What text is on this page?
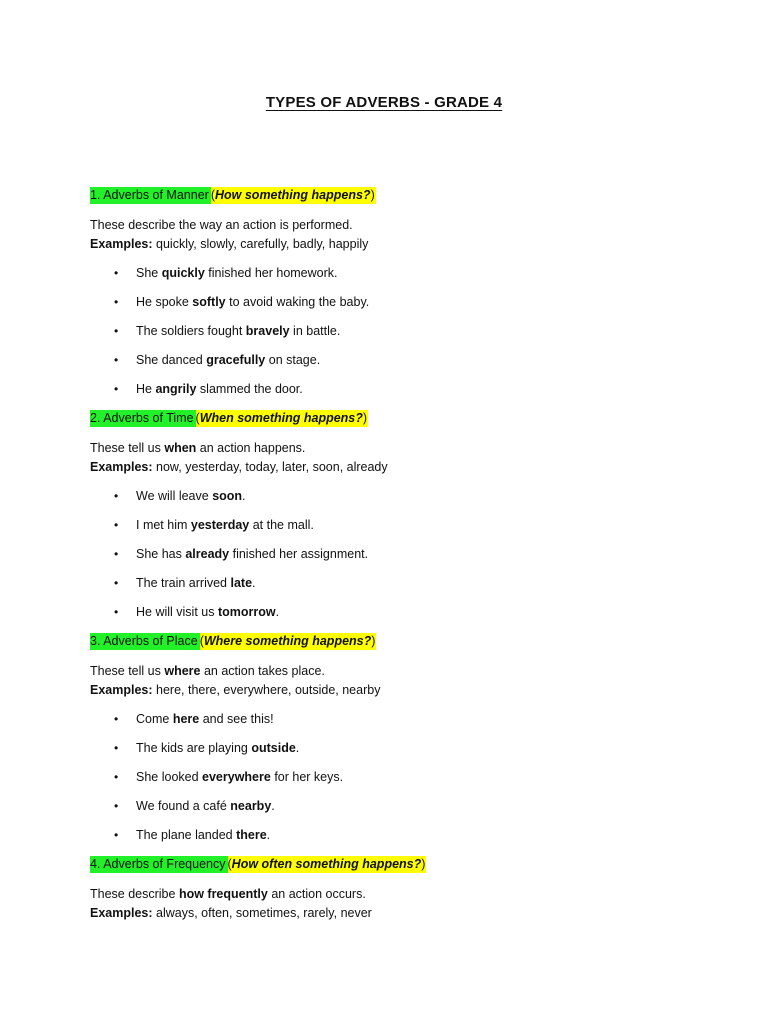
TYPES OF ADVERBS - GRADE 4
1. Adverbs of Manner (How something happens?)
These describe the way an action is performed.
Examples: quickly, slowly, carefully, badly, happily
• She quickly finished her homework.
• He spoke softly to avoid waking the baby.
• The soldiers fought bravely in battle.
• She danced gracefully on stage.
• He angrily slammed the door.
2. Adverbs of Time (When something happens?)
These tell us when an action happens.
Examples: now, yesterday, today, later, soon, already
• We will leave soon.
• I met him yesterday at the mall.
• She has already finished her assignment.
• The train arrived late.
• He will visit us tomorrow.
3. Adverbs of Place (Where something happens?)
These tell us where an action takes place.
Examples: here, there, everywhere, outside, nearby
• Come here and see this!
• The kids are playing outside.
• She looked everywhere for her keys.
• We found a café nearby.
• The plane landed there.
4. Adverbs of Frequency (How often something happens?)
These describe how frequently an action occurs.
Examples: always, often, sometimes, rarely, never
